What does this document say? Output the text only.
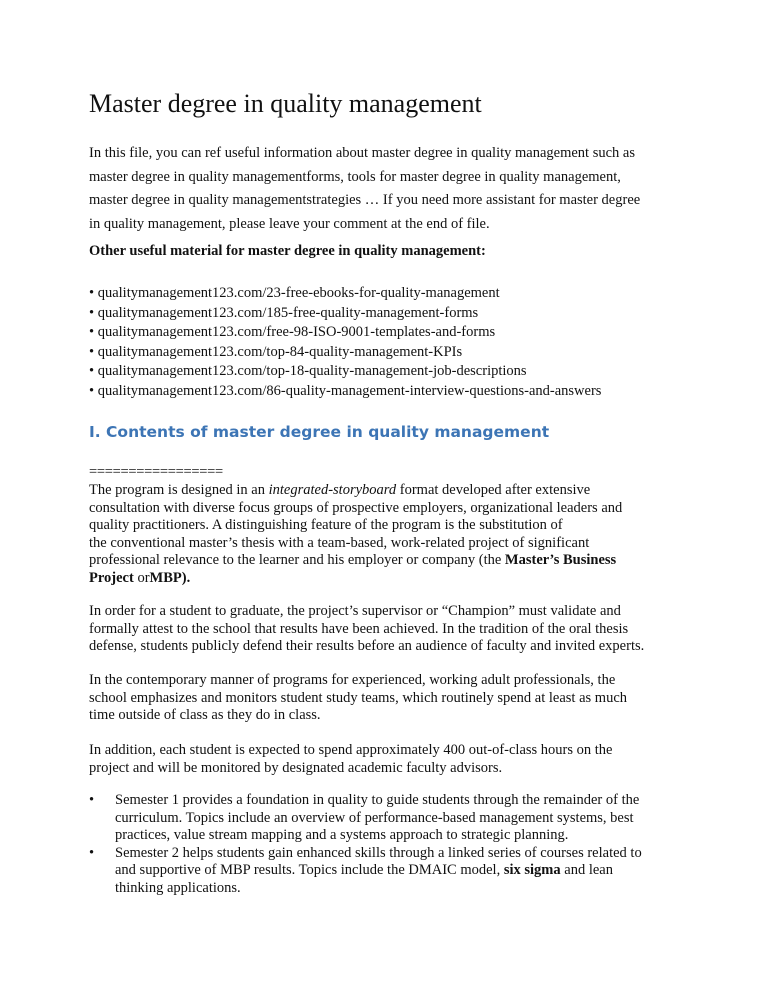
Master degree in quality management
In this file, you can ref useful information about master degree in quality management such as
master degree in quality managementforms, tools for master degree in quality management,
master degree in quality managementstrategies … If you need more assistant for master degree
in quality management, please leave your comment at the end of file.
Other useful material for master degree in quality management:
• qualitymanagement123.com/23-free-ebooks-for-quality-management
• qualitymanagement123.com/185-free-quality-management-forms
• qualitymanagement123.com/free-98-ISO-9001-templates-and-forms
• qualitymanagement123.com/top-84-quality-management-KPIs
• qualitymanagement123.com/top-18-quality-management-job-descriptions
• qualitymanagement123.com/86-quality-management-interview-questions-and-answers
I. Contents of master degree in quality management
=================
The program is designed in an integrated-storyboard format developed after extensive
consultation with diverse focus groups of prospective employers, organizational leaders and
quality practitioners. A distinguishing feature of the program is the substitution of
the conventional master’s thesis with a team-based, work-related project of significant
professional relevance to the learner and his employer or company (the Master’s Business
Project orMBP).
In order for a student to graduate, the project’s supervisor or “Champion” must validate and
formally attest to the school that results have been achieved. In the tradition of the oral thesis
defense, students publicly defend their results before an audience of faculty and invited experts.
In the contemporary manner of programs for experienced, working adult professionals, the
school emphasizes and monitors student study teams, which routinely spend at least as much
time outside of class as they do in class.
In addition, each student is expected to spend approximately 400 out-of-class hours on the
project and will be monitored by designated academic faculty advisors.
• Semester 1 provides a foundation in quality to guide students through the remainder of the
curriculum. Topics include an overview of performance-based management systems, best
practices, value stream mapping and a systems approach to strategic planning.
• Semester 2 helps students gain enhanced skills through a linked series of courses related to
and supportive of MBP results. Topics include the DMAIC model, six sigma and lean
thinking applications.
